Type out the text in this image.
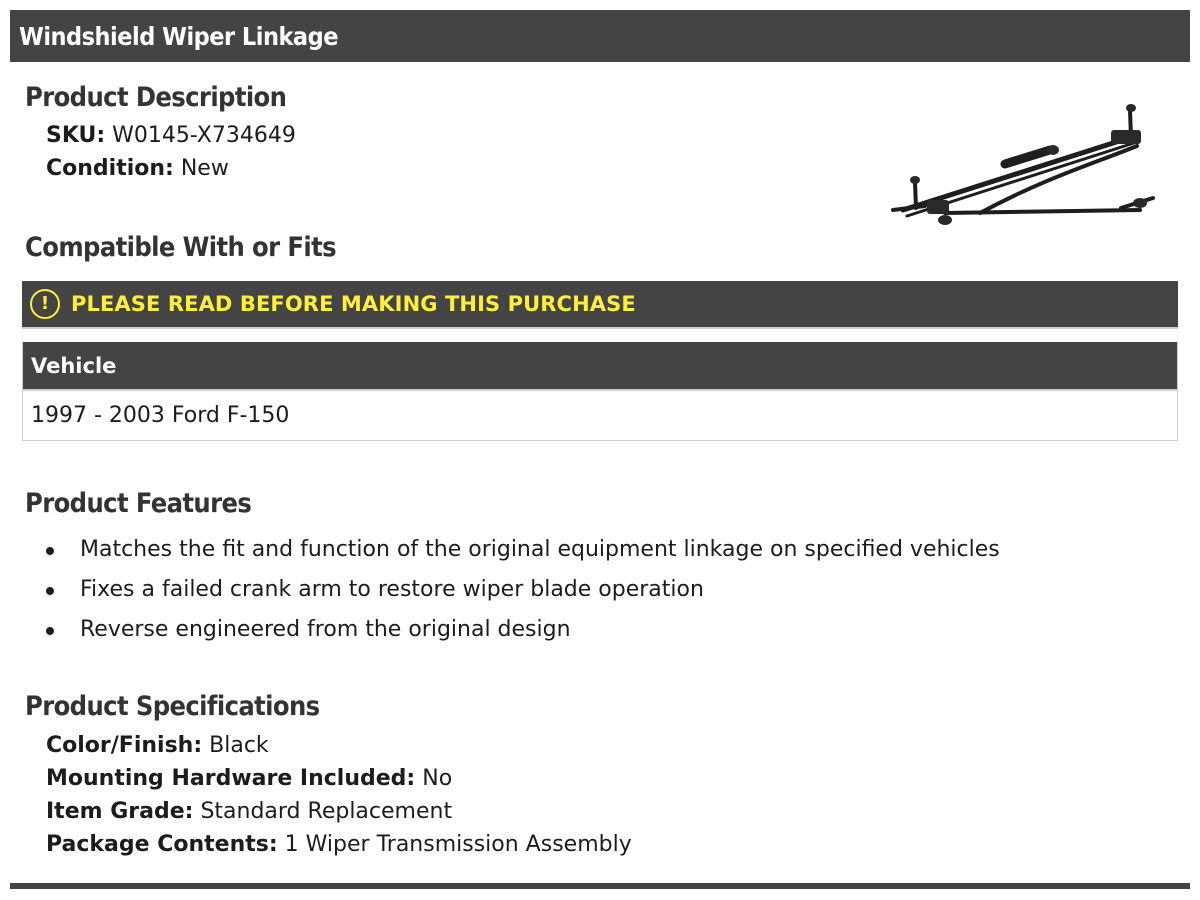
Windshield Wiper Linkage
Product Description
SKU: W0145-X734649
Condition: New
Compatible With or Fits
!	PLEASE READ BEFORE MAKING THIS PURCHASE
Vehicle
1997 - 2003 Ford F-150
Product Features
Matches the fit and function of the original equipment linkage on specified vehicles
Fixes a failed crank arm to restore wiper blade operation
Reverse engineered from the original design
Product Specifications
Color/Finish: Black
Mounting Hardware Included: No
Item Grade: Standard Replacement
Package Contents: 1 Wiper Transmission Assembly
